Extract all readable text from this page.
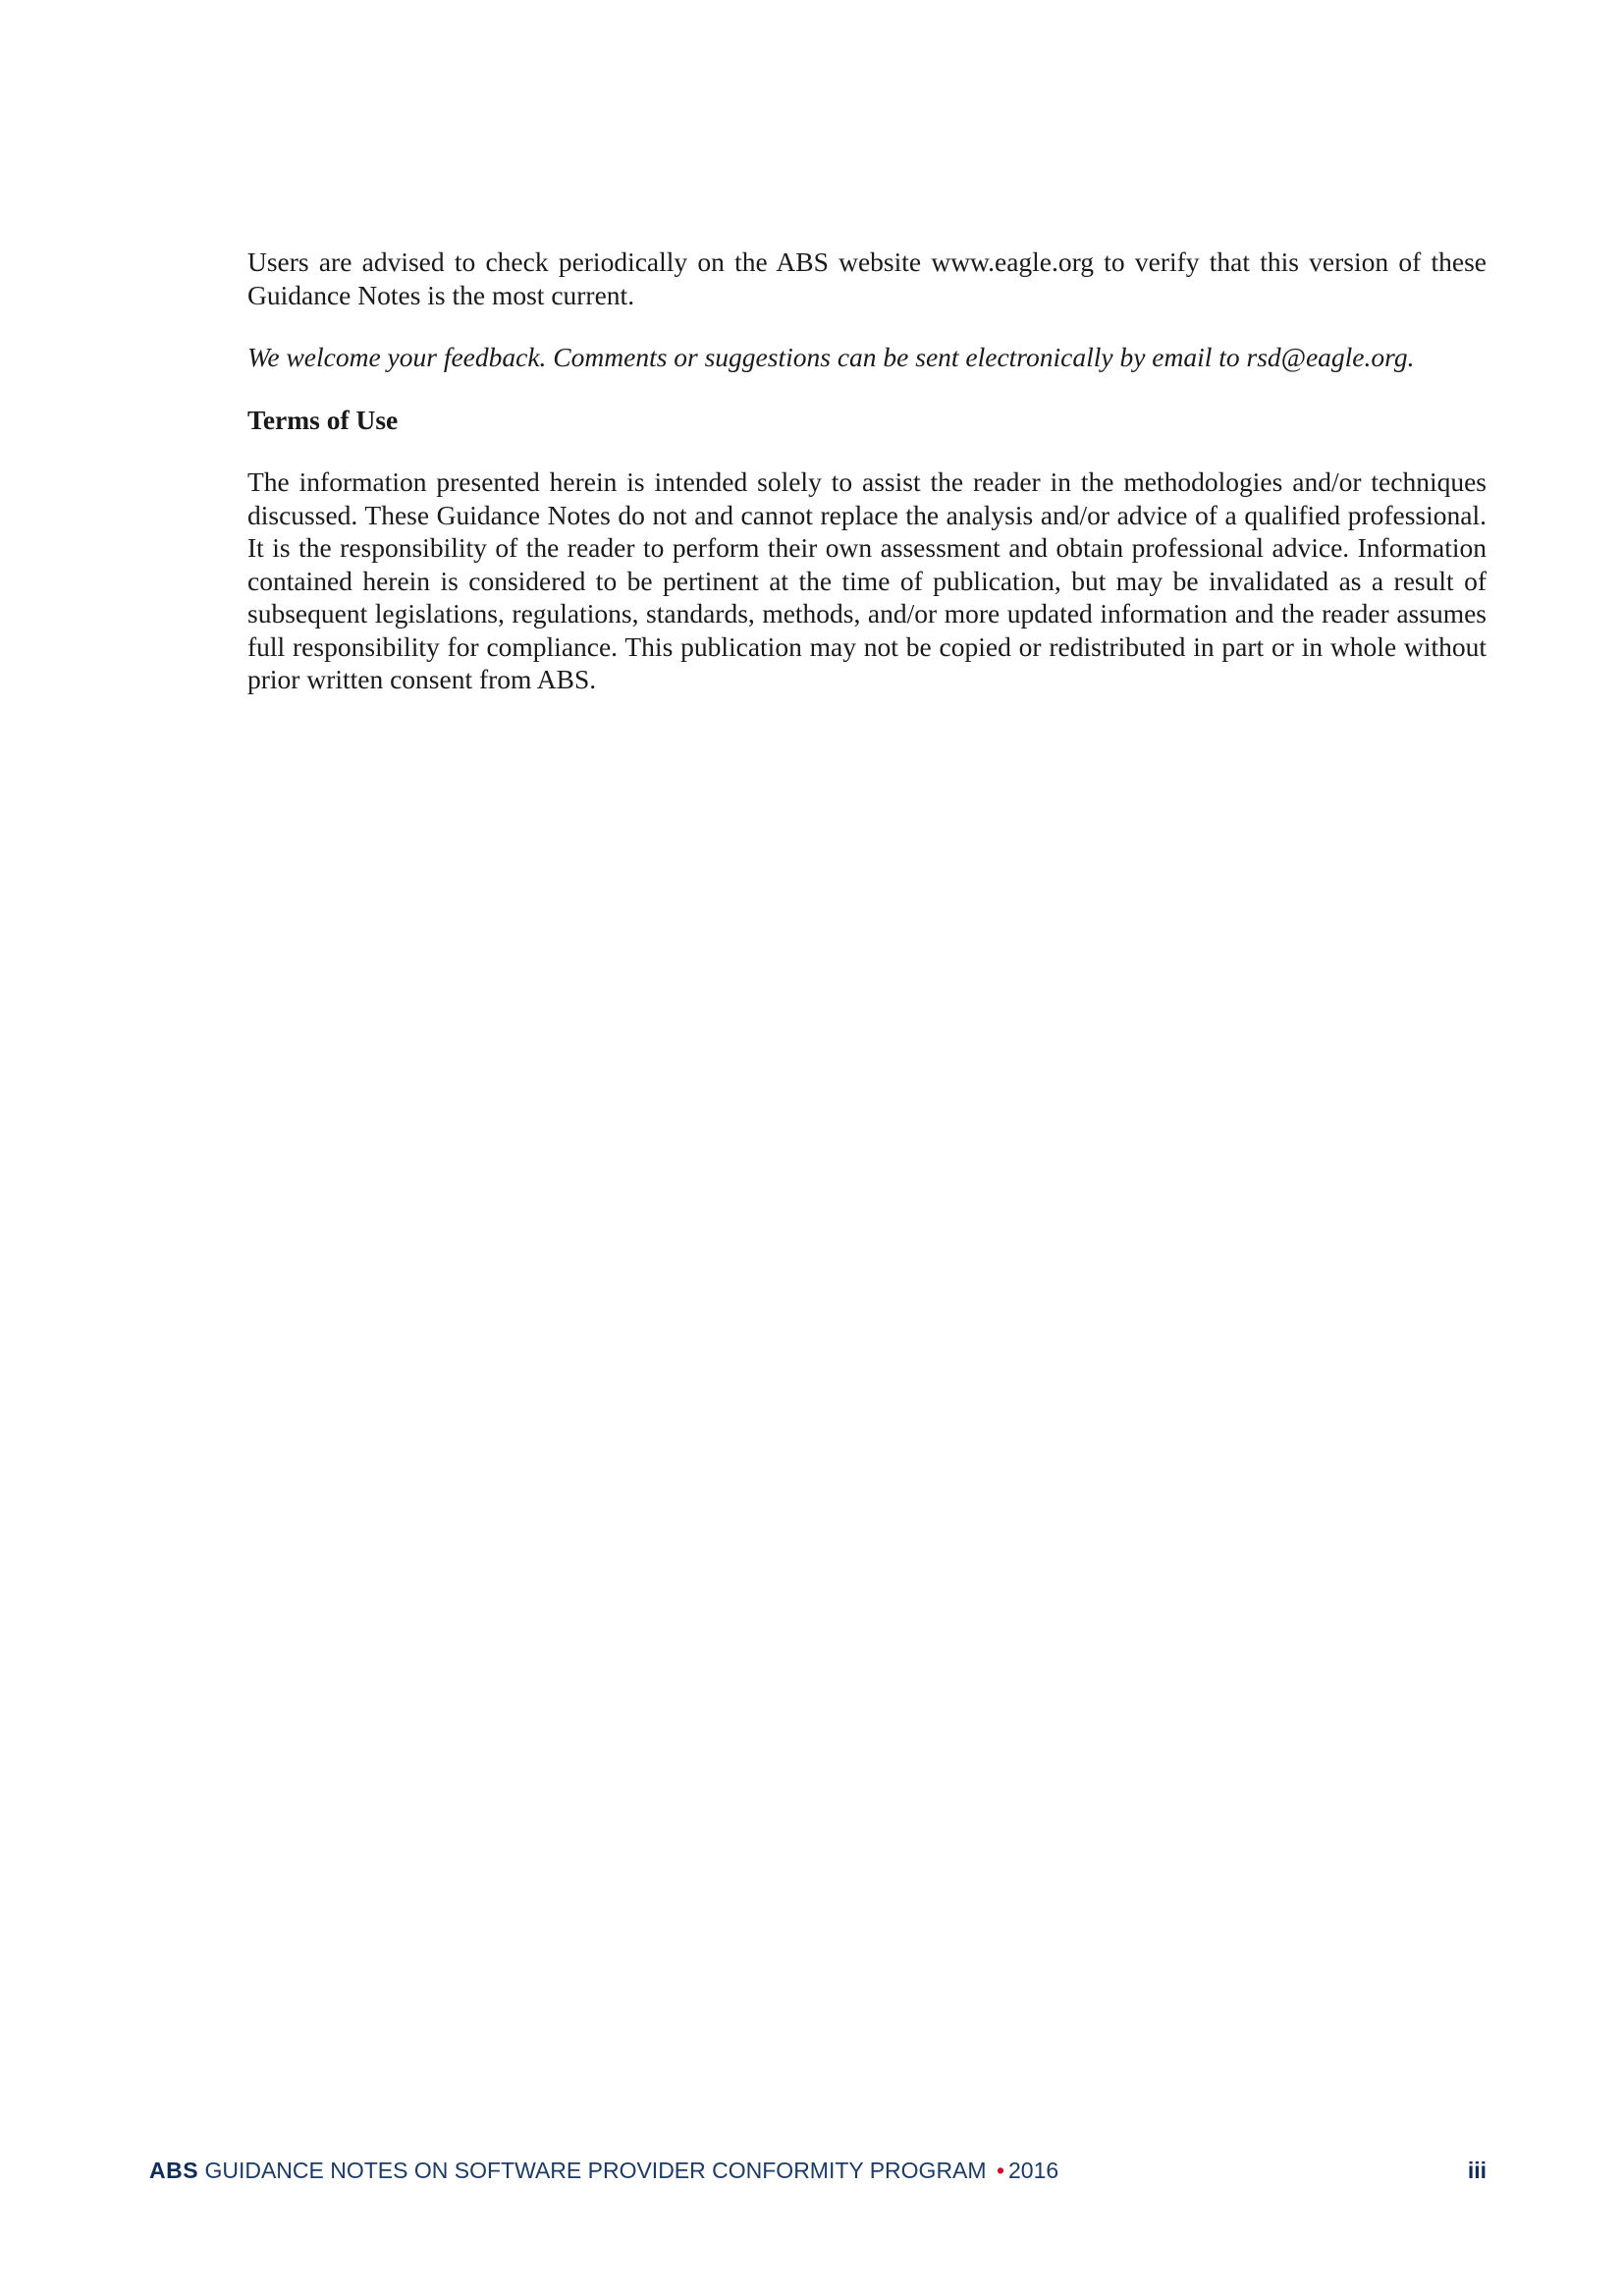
Users are advised to check periodically on the ABS website www.eagle.org to verify that this version of these Guidance Notes is the most current.

We welcome your feedback. Comments or suggestions can be sent electronically by email to rsd@eagle.org.

Terms of Use

The information presented herein is intended solely to assist the reader in the methodologies and/or techniques discussed. These Guidance Notes do not and cannot replace the analysis and/or advice of a qualified professional. It is the responsibility of the reader to perform their own assessment and obtain professional advice. Information contained herein is considered to be pertinent at the time of publication, but may be invalidated as a result of subsequent legislations, regulations, standards, methods, and/or more updated information and the reader assumes full responsibility for compliance. This publication may not be copied or redistributed in part or in whole without prior written consent from ABS.

ABS GUIDANCE NOTES ON SOFTWARE PROVIDER CONFORMITY PROGRAM • 2016	iii
